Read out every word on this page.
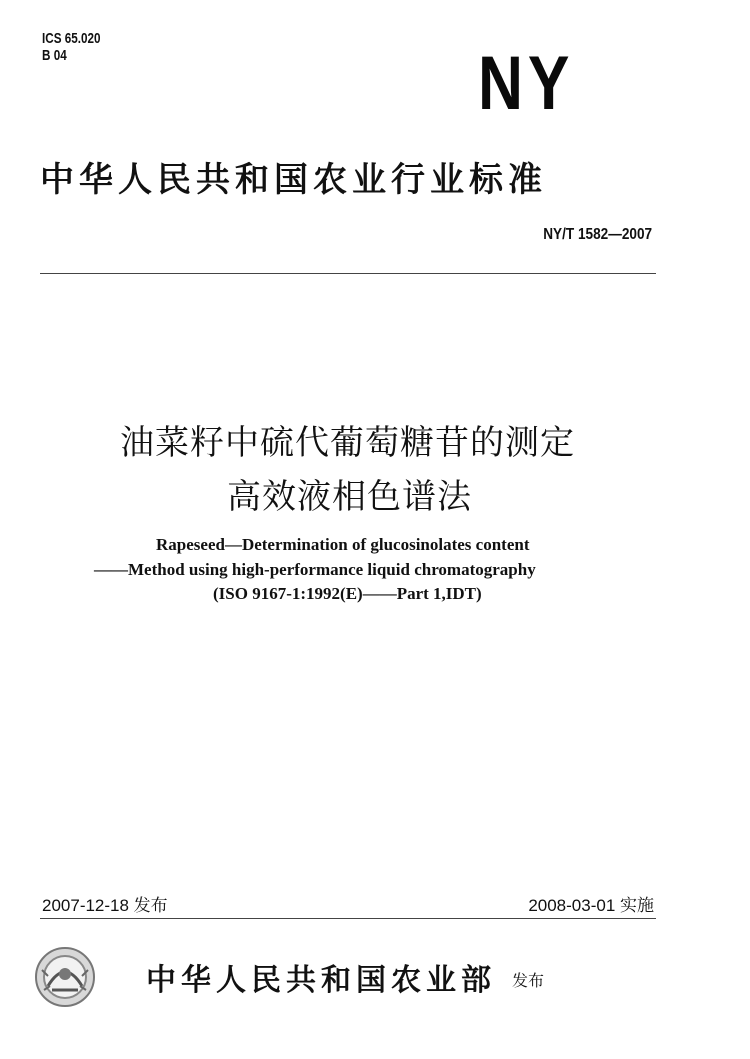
ICS 65.020
B 04	NY
中华人民共和国农业行业标准
NY/T 1582—2007
油菜籽中硫代葡萄糖苷的测定
高效液相色谱法
Rapeseed—Determination of glucosinolates content
——Method using high-performance liquid chromatography
(ISO 9167-1:1992(E)——Part 1,IDT)
2007-12-18 发布	2008-03-01 实施
中华人民共和国农业部 发布
